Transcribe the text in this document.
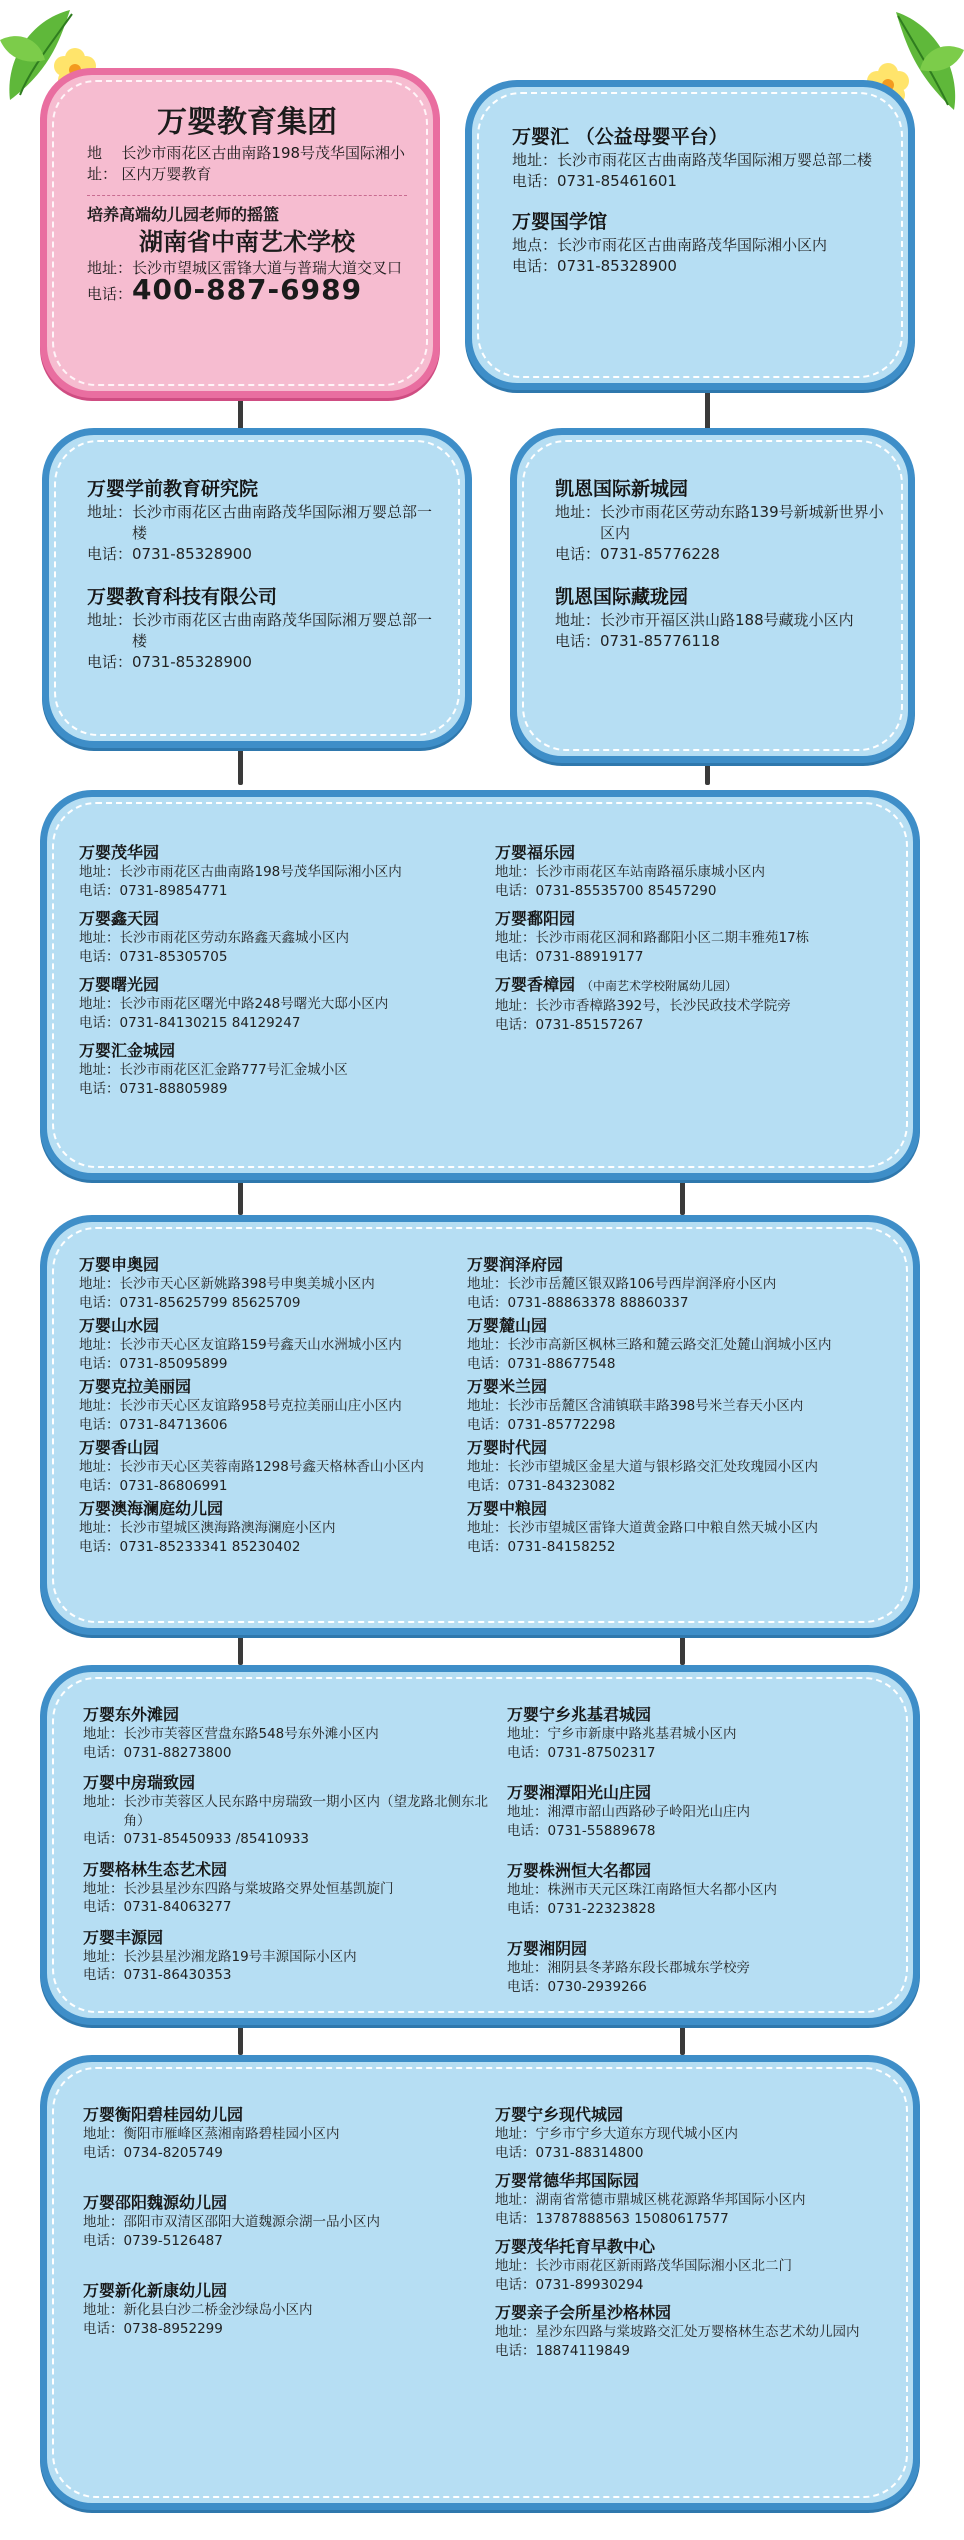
万婴教育集团
地址：
长沙市雨花区古曲南路198号茂华国际湘小区内万婴教育
培养高端幼儿园老师的摇篮
湖南省中南艺术学校
地址： 长沙市望城区雷锋大道与普瑞大道交叉口
电话： 400-887-6989
万婴汇 （公益母婴平台）
地址： 长沙市雨花区古曲南路茂华国际湘万婴总部二楼
电话： 0731-85461601
万婴国学馆
地点： 长沙市雨花区古曲南路茂华国际湘小区内
电话： 0731-85328900
万婴学前教育研究院
地址： 长沙市雨花区古曲南路茂华国际湘万婴总部一楼
电话： 0731-85328900
万婴教育科技有限公司
地址： 长沙市雨花区古曲南路茂华国际湘万婴总部一楼
电话： 0731-85328900
凯恩国际新城园
地址： 长沙市雨花区劳动东路139号新城新世界小区内
电话： 0731-85776228
凯恩国际藏珑园
地址： 长沙市开福区洪山路188号藏珑小区内
电话： 0731-85776118
万婴茂华园
地址： 长沙市雨花区古曲南路198号茂华国际湘小区内
电话： 0731-89854771
万婴鑫天园
地址： 长沙市雨花区劳动东路鑫天鑫城小区内
电话： 0731-85305705
万婴曙光园
地址： 长沙市雨花区曙光中路248号曙光大邸小区内
电话： 0731-84130215 84129247
万婴汇金城园
地址： 长沙市雨花区汇金路777号汇金城小区
电话： 0731-88805989
万婴福乐园
地址： 长沙市雨花区车站南路福乐康城小区内
电话： 0731-85535700 85457290
万婴鄱阳园
地址： 长沙市雨花区洞和路鄱阳小区二期丰雅苑17栋
电话： 0731-88919177
万婴香樟园 （中南艺术学校附属幼儿园）
地址： 长沙市香樟路392号，长沙民政技术学院旁
电话： 0731-85157267
万婴申奥园
地址： 长沙市天心区新姚路398号申奥美城小区内
电话： 0731-85625799 85625709
万婴山水园
地址： 长沙市天心区友谊路159号鑫天山水洲城小区内
电话： 0731-85095899
万婴克拉美丽园
地址： 长沙市天心区友谊路958号克拉美丽山庄小区内
电话： 0731-84713606
万婴香山园
地址： 长沙市天心区芙蓉南路1298号鑫天格林香山小区内
电话： 0731-86806991
万婴澳海澜庭幼儿园
地址： 长沙市望城区澳海路澳海澜庭小区内
电话： 0731-85233341 85230402
万婴润泽府园
地址： 长沙市岳麓区银双路106号西岸润泽府小区内
电话： 0731-88863378 88860337
万婴麓山园
地址： 长沙市高新区枫林三路和麓云路交汇处麓山润城小区内
电话： 0731-88677548
万婴米兰园
地址： 长沙市岳麓区含浦镇联丰路398号米兰春天小区内
电话： 0731-85772298
万婴时代园
地址： 长沙市望城区金星大道与银杉路交汇处玫瑰园小区内
电话： 0731-84323082
万婴中粮园
地址： 长沙市望城区雷锋大道黄金路口中粮自然天城小区内
电话： 0731-84158252
万婴东外滩园
地址： 长沙市芙蓉区营盘东路548号东外滩小区内
电话： 0731-88273800
万婴中房瑞致园
地址： 长沙市芙蓉区人民东路中房瑞致一期小区内（望龙路北侧东北角）
电话： 0731-85450933 /85410933
万婴格林生态艺术园
地址： 长沙县星沙东四路与棠坡路交界处恒基凯旋门
电话： 0731-84063277
万婴丰源园
地址： 长沙县星沙湘龙路19号丰源国际小区内
电话： 0731-86430353
万婴宁乡兆基君城园
地址： 宁乡市新康中路兆基君城小区内
电话： 0731-87502317
万婴湘潭阳光山庄园
地址： 湘潭市韶山西路砂子岭阳光山庄内
电话： 0731-55889678
万婴株洲恒大名都园
地址： 株洲市天元区珠江南路恒大名都小区内
电话： 0731-22323828
万婴湘阴园
地址： 湘阴县冬茅路东段长郡城东学校旁
电话： 0730-2939266
万婴衡阳碧桂园幼儿园
地址： 衡阳市雁峰区蒸湘南路碧桂园小区内
电话： 0734-8205749
万婴邵阳魏源幼儿园
地址： 邵阳市双清区邵阳大道魏源佘湖一品小区内
电话： 0739-5126487
万婴新化新康幼儿园
地址： 新化县白沙二桥金沙绿岛小区内
电话： 0738-8952299
万婴宁乡现代城园
地址： 宁乡市宁乡大道东方现代城小区内
电话： 0731-88314800
万婴常德华邦国际园
地址： 湖南省常德市鼎城区桃花源路华邦国际小区内
电话： 13787888563 15080617577
万婴茂华托育早教中心
地址： 长沙市雨花区新雨路茂华国际湘小区北二门
电话： 0731-89930294
万婴亲子会所星沙格林园
地址： 星沙东四路与棠坡路交汇处万婴格林生态艺术幼儿园内
电话： 18874119849
